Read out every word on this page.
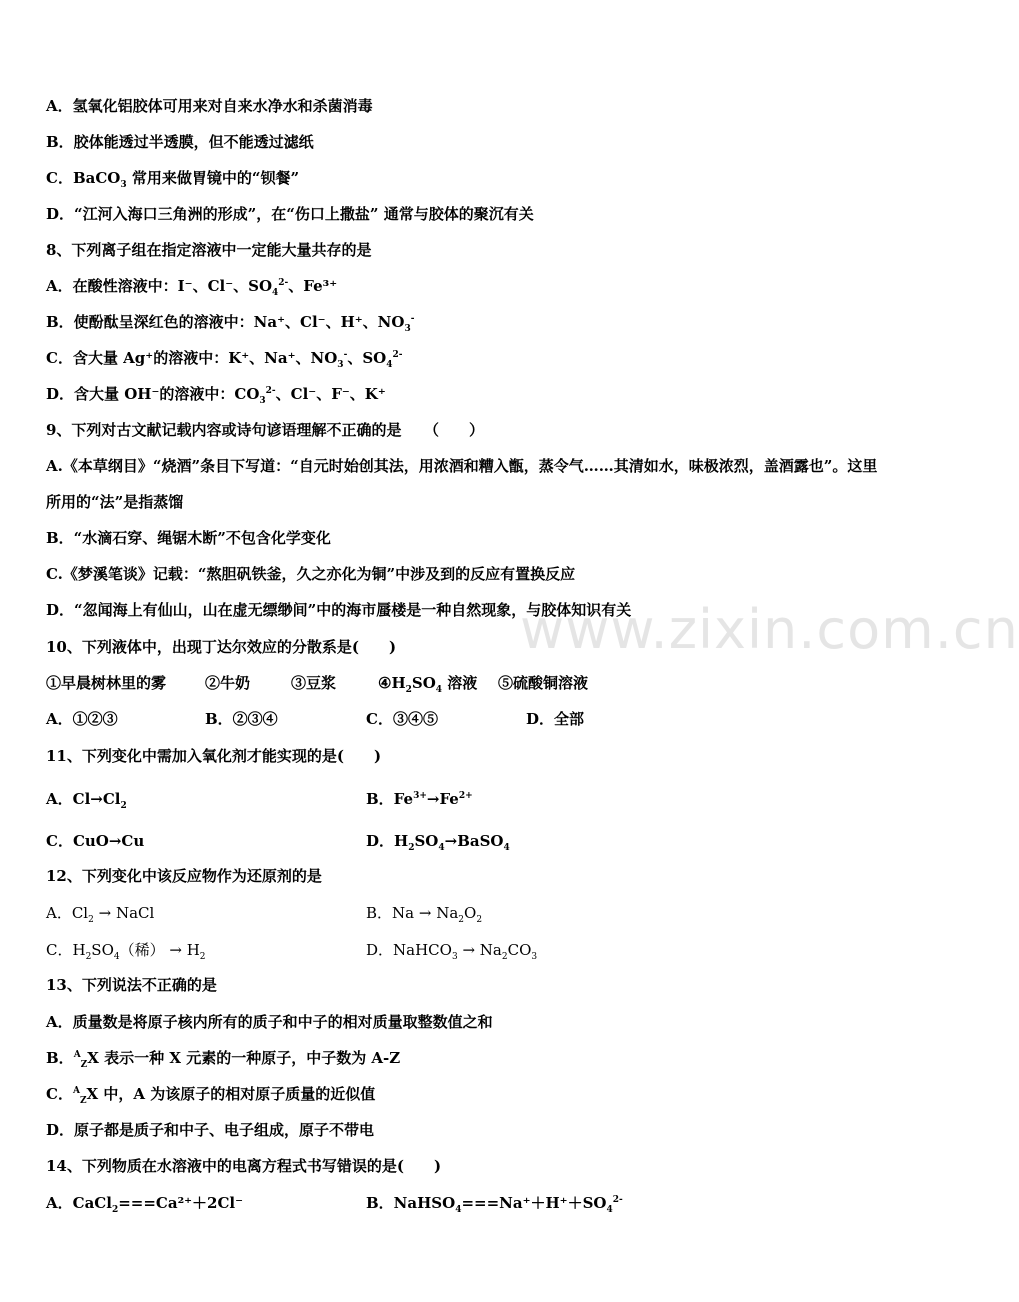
A．氢氧化铝胶体可用来对自来水净水和杀菌消毒
B．胶体能透过半透膜，但不能透过滤纸
C．BaCO$_3$ 常用来做胃镜中的“钡餐”
D．“江河入海口三角洲的形成”，在“伤口上撒盐” 通常与胶体的聚沉有关
8、下列离子组在指定溶液中一定能大量共存的是
A．在酸性溶液中：I⁻、Cl⁻、$SO_4^{2-}$、Fe³⁺
B．使酚酞呈深红色的溶液中：Na⁺、Cl⁻、H⁺、$NO_3^-$
C．含大量 Ag⁺的溶液中：K⁺、Na⁺、$NO_3^-$、$SO_4^{2-}$
D．含大量 OH⁻的溶液中：$CO_3^{2-}$、Cl⁻、F⁻、K⁺
9、下列对古文献记载内容或诗句谚语理解不正确的是　　（　　）
A.《本草纲目》“烧酒”条目下写道：“自元时始创其法，用浓酒和糟入甑，蒸令气……其清如水，味极浓烈，盖酒露也”。这里所用的“法”是指蒸馏
B．“水滴石穿、绳锯木断”不包含化学变化
C.《梦溪笔谈》记载：“熬胆矾铁釜，久之亦化为铜”中涉及到的反应有置换反应
D．“忽闻海上有仙山，山在虚无缥缈间”中的海市蜃楼是一种自然现象，与胶体知识有关
www.zixin.com.cn
10、下列液体中，出现丁达尔效应的分散系是(　　)
①早晨树林里的雾	②牛奶	③豆浆	$④H_2SO_4$ 溶液 ⑤硫酸铜溶液
A．①②③	B．②③④	C．③④⑤	D．全部
11、下列变化中需加入氧化剂才能实现的是(　　)
A．$Cl\to Cl_2$	B．$Fe^{3+}\to Fe^{2+}$
C．CuO→Cu	D．$H_2SO_4\to BaSO_4$
12、下列变化中该反应物作为还原剂的是
A．$Cl_2$ → NaCl	B．$Na \to Na_2O_2$
C．$H_2SO_4$（稀） → $H_2$	D．NaHCO$_3$ → $Na_2CO_3$
13、下列说法不正确的是
A．质量数是将原子核内所有的质子和中子的相对质量取整数值之和
B．$^A_Z$X 表示一种 X 元素的一种原子，中子数为 A-Z
C．$^A_Z$X 中，A 为该原子的相对原子质量的近似值
D．原子都是质子和中子、电子组成，原子不带电
14、下列物质在水溶液中的电离方程式书写错误的是(　　)
A．CaCl$_2$===Ca²⁺＋2Cl⁻	B．$NaHSO_4===Na^++H^++SO_4^{2-}$
